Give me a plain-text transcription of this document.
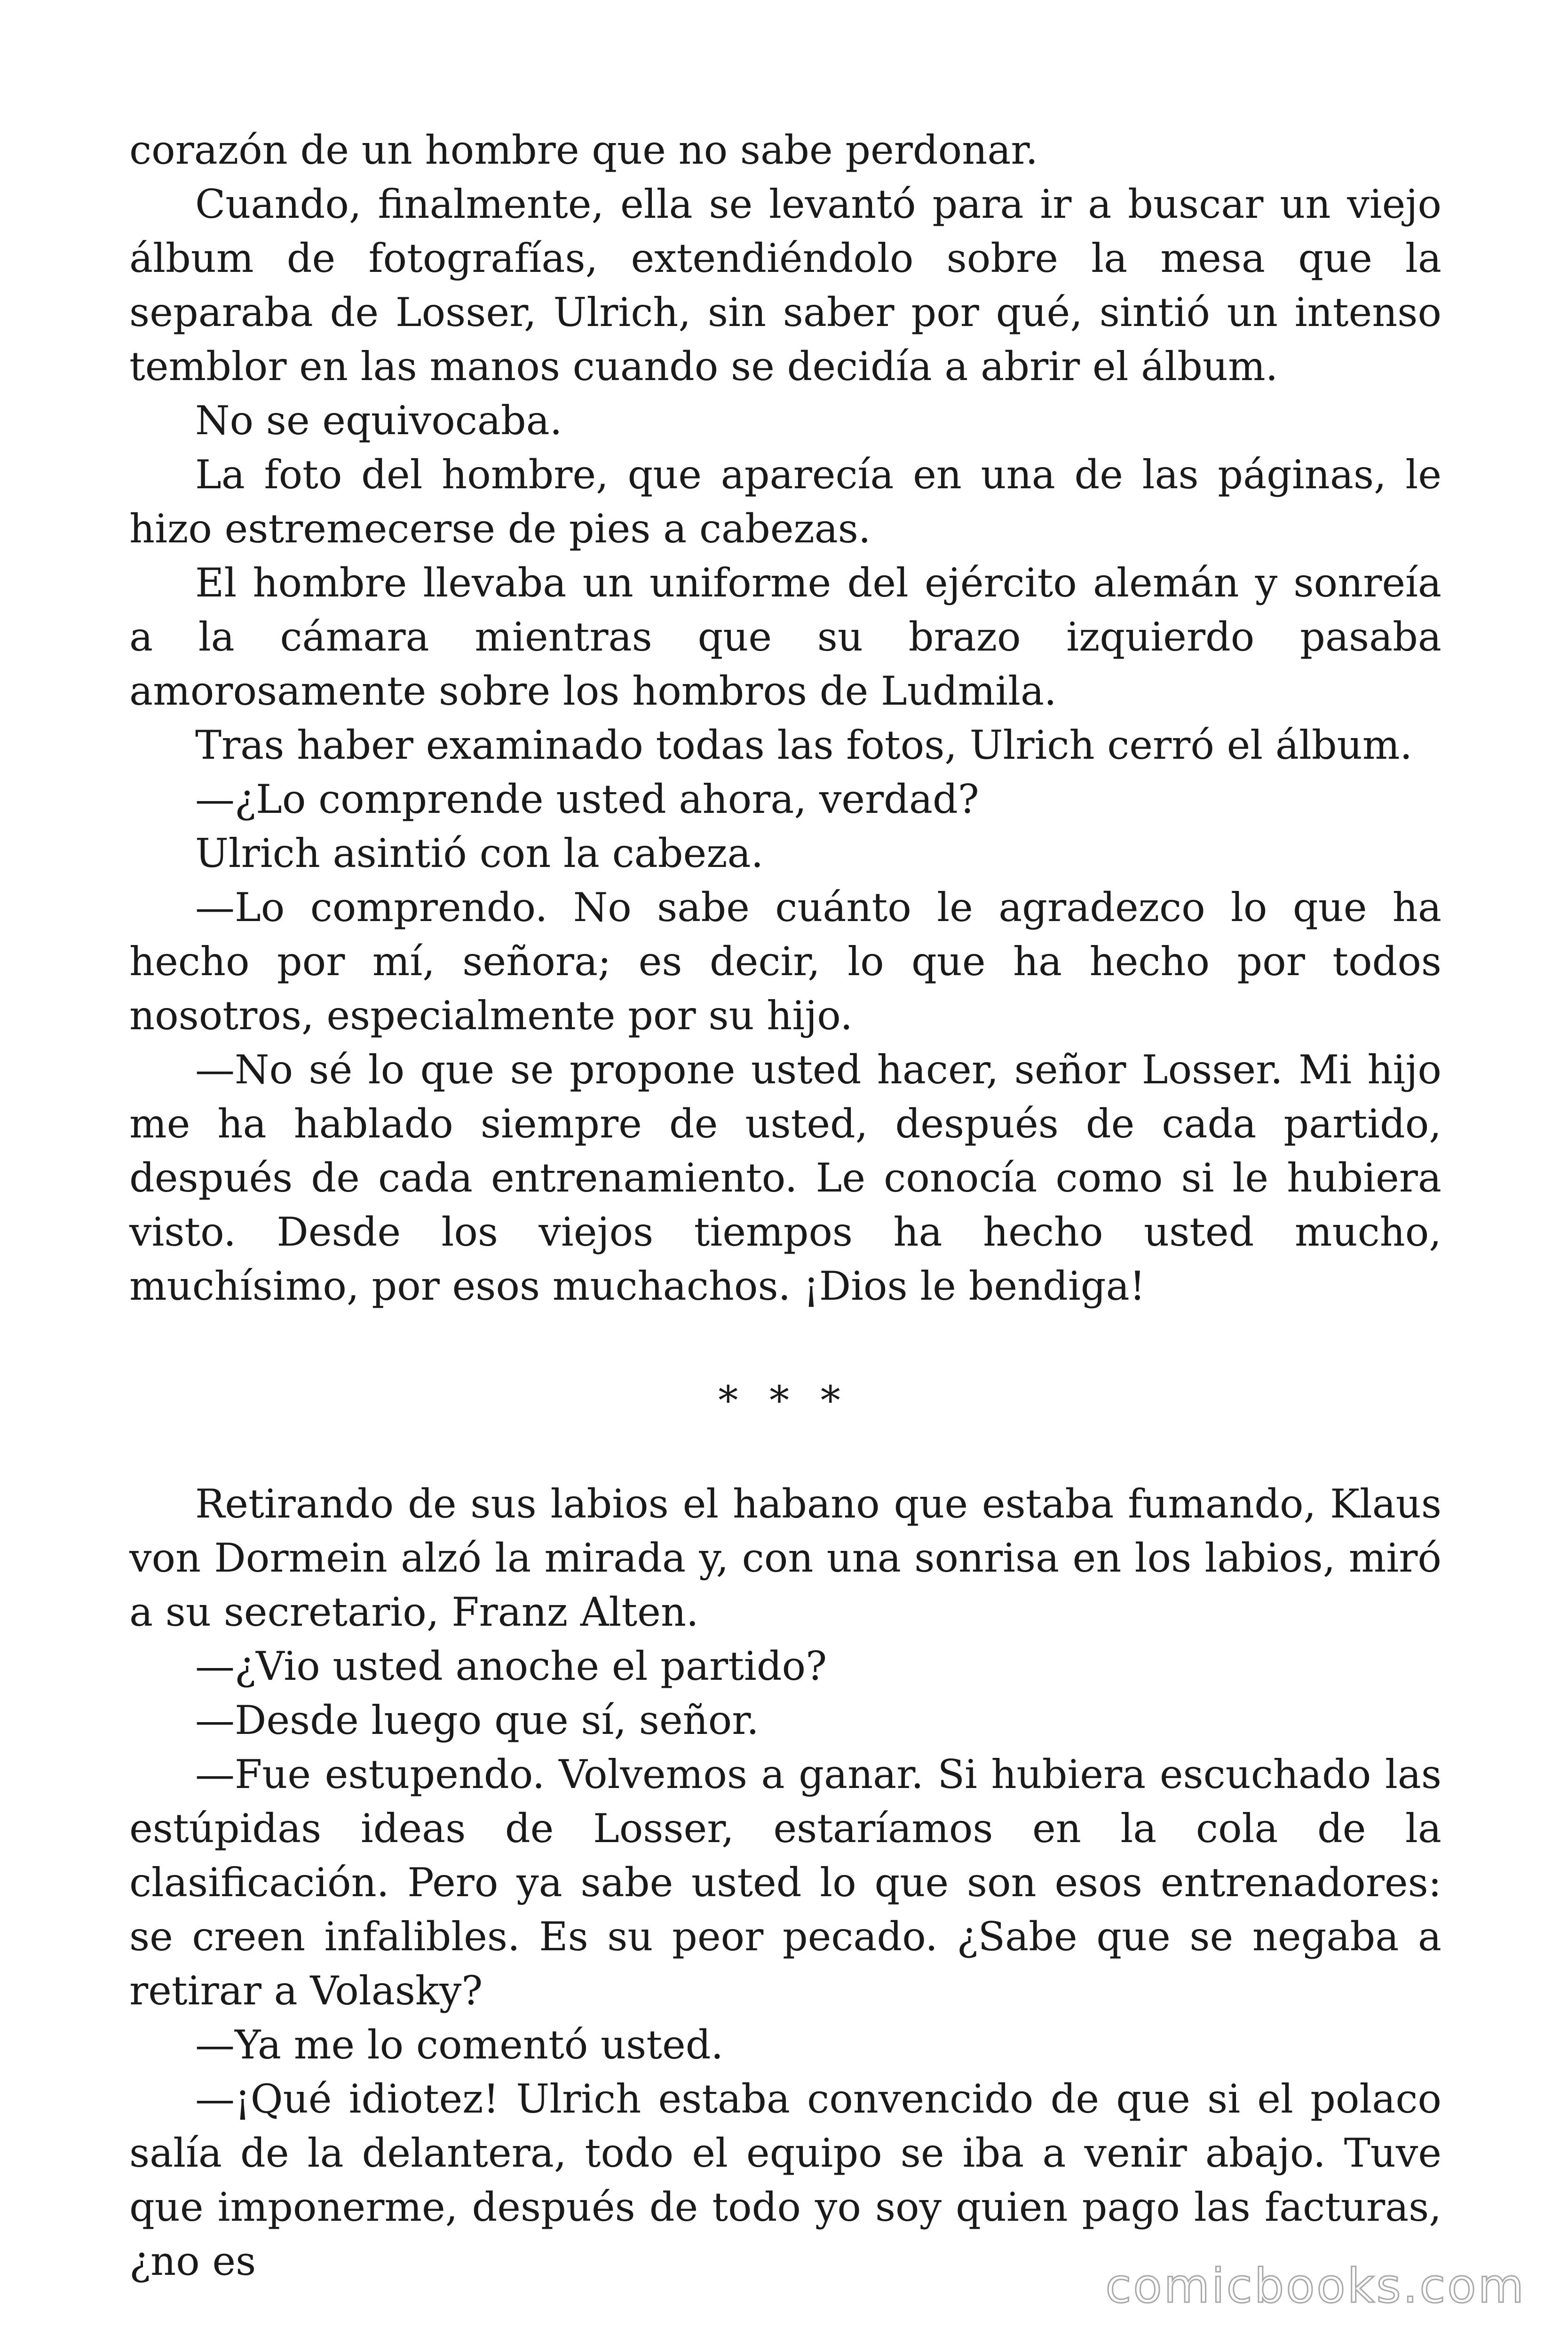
corazón de un hombre que no sabe perdonar.

Cuando, finalmente, ella se levantó para ir a buscar un viejo álbum de fotografías, extendiéndolo sobre la mesa que la separaba de Losser, Ulrich, sin saber por qué, sintió un intenso temblor en las manos cuando se decidía a abrir el álbum.

No se equivocaba.

La foto del hombre, que aparecía en una de las páginas, le hizo estremecerse de pies a cabezas.

El hombre llevaba un uniforme del ejército alemán y sonreía a la cámara mientras que su brazo izquierdo pasaba amorosamente sobre los hombros de Ludmila.

Tras haber examinado todas las fotos, Ulrich cerró el álbum.

—¿Lo comprende usted ahora, verdad?

Ulrich asintió con la cabeza.

—Lo comprendo. No sabe cuánto le agradezco lo que ha hecho por mí, señora; es decir, lo que ha hecho por todos nosotros, especialmente por su hijo.

—No sé lo que se propone usted hacer, señor Losser. Mi hijo me ha hablado siempre de usted, después de cada partido, después de cada entrenamiento. Le conocía como si le hubiera visto. Desde los viejos tiempos ha hecho usted mucho, muchísimo, por esos muchachos. ¡Dios le bendiga!

* * *

Retirando de sus labios el habano que estaba fumando, Klaus von Dormein alzó la mirada y, con una sonrisa en los labios, miró a su secretario, Franz Alten.

—¿Vio usted anoche el partido?

—Desde luego que sí, señor.

—Fue estupendo. Volvemos a ganar. Si hubiera escuchado las estúpidas ideas de Losser, estaríamos en la cola de la clasificación. Pero ya sabe usted lo que son esos entrenadores: se creen infalibles. Es su peor pecado. ¿Sabe que se negaba a retirar a Volasky?

—Ya me lo comentó usted.

—¡Qué idiotez! Ulrich estaba convencido de que si el polaco salía de la delantera, todo el equipo se iba a venir abajo. Tuve que imponerme, después de todo yo soy quien pago las facturas, ¿no es	comicbooks.com
